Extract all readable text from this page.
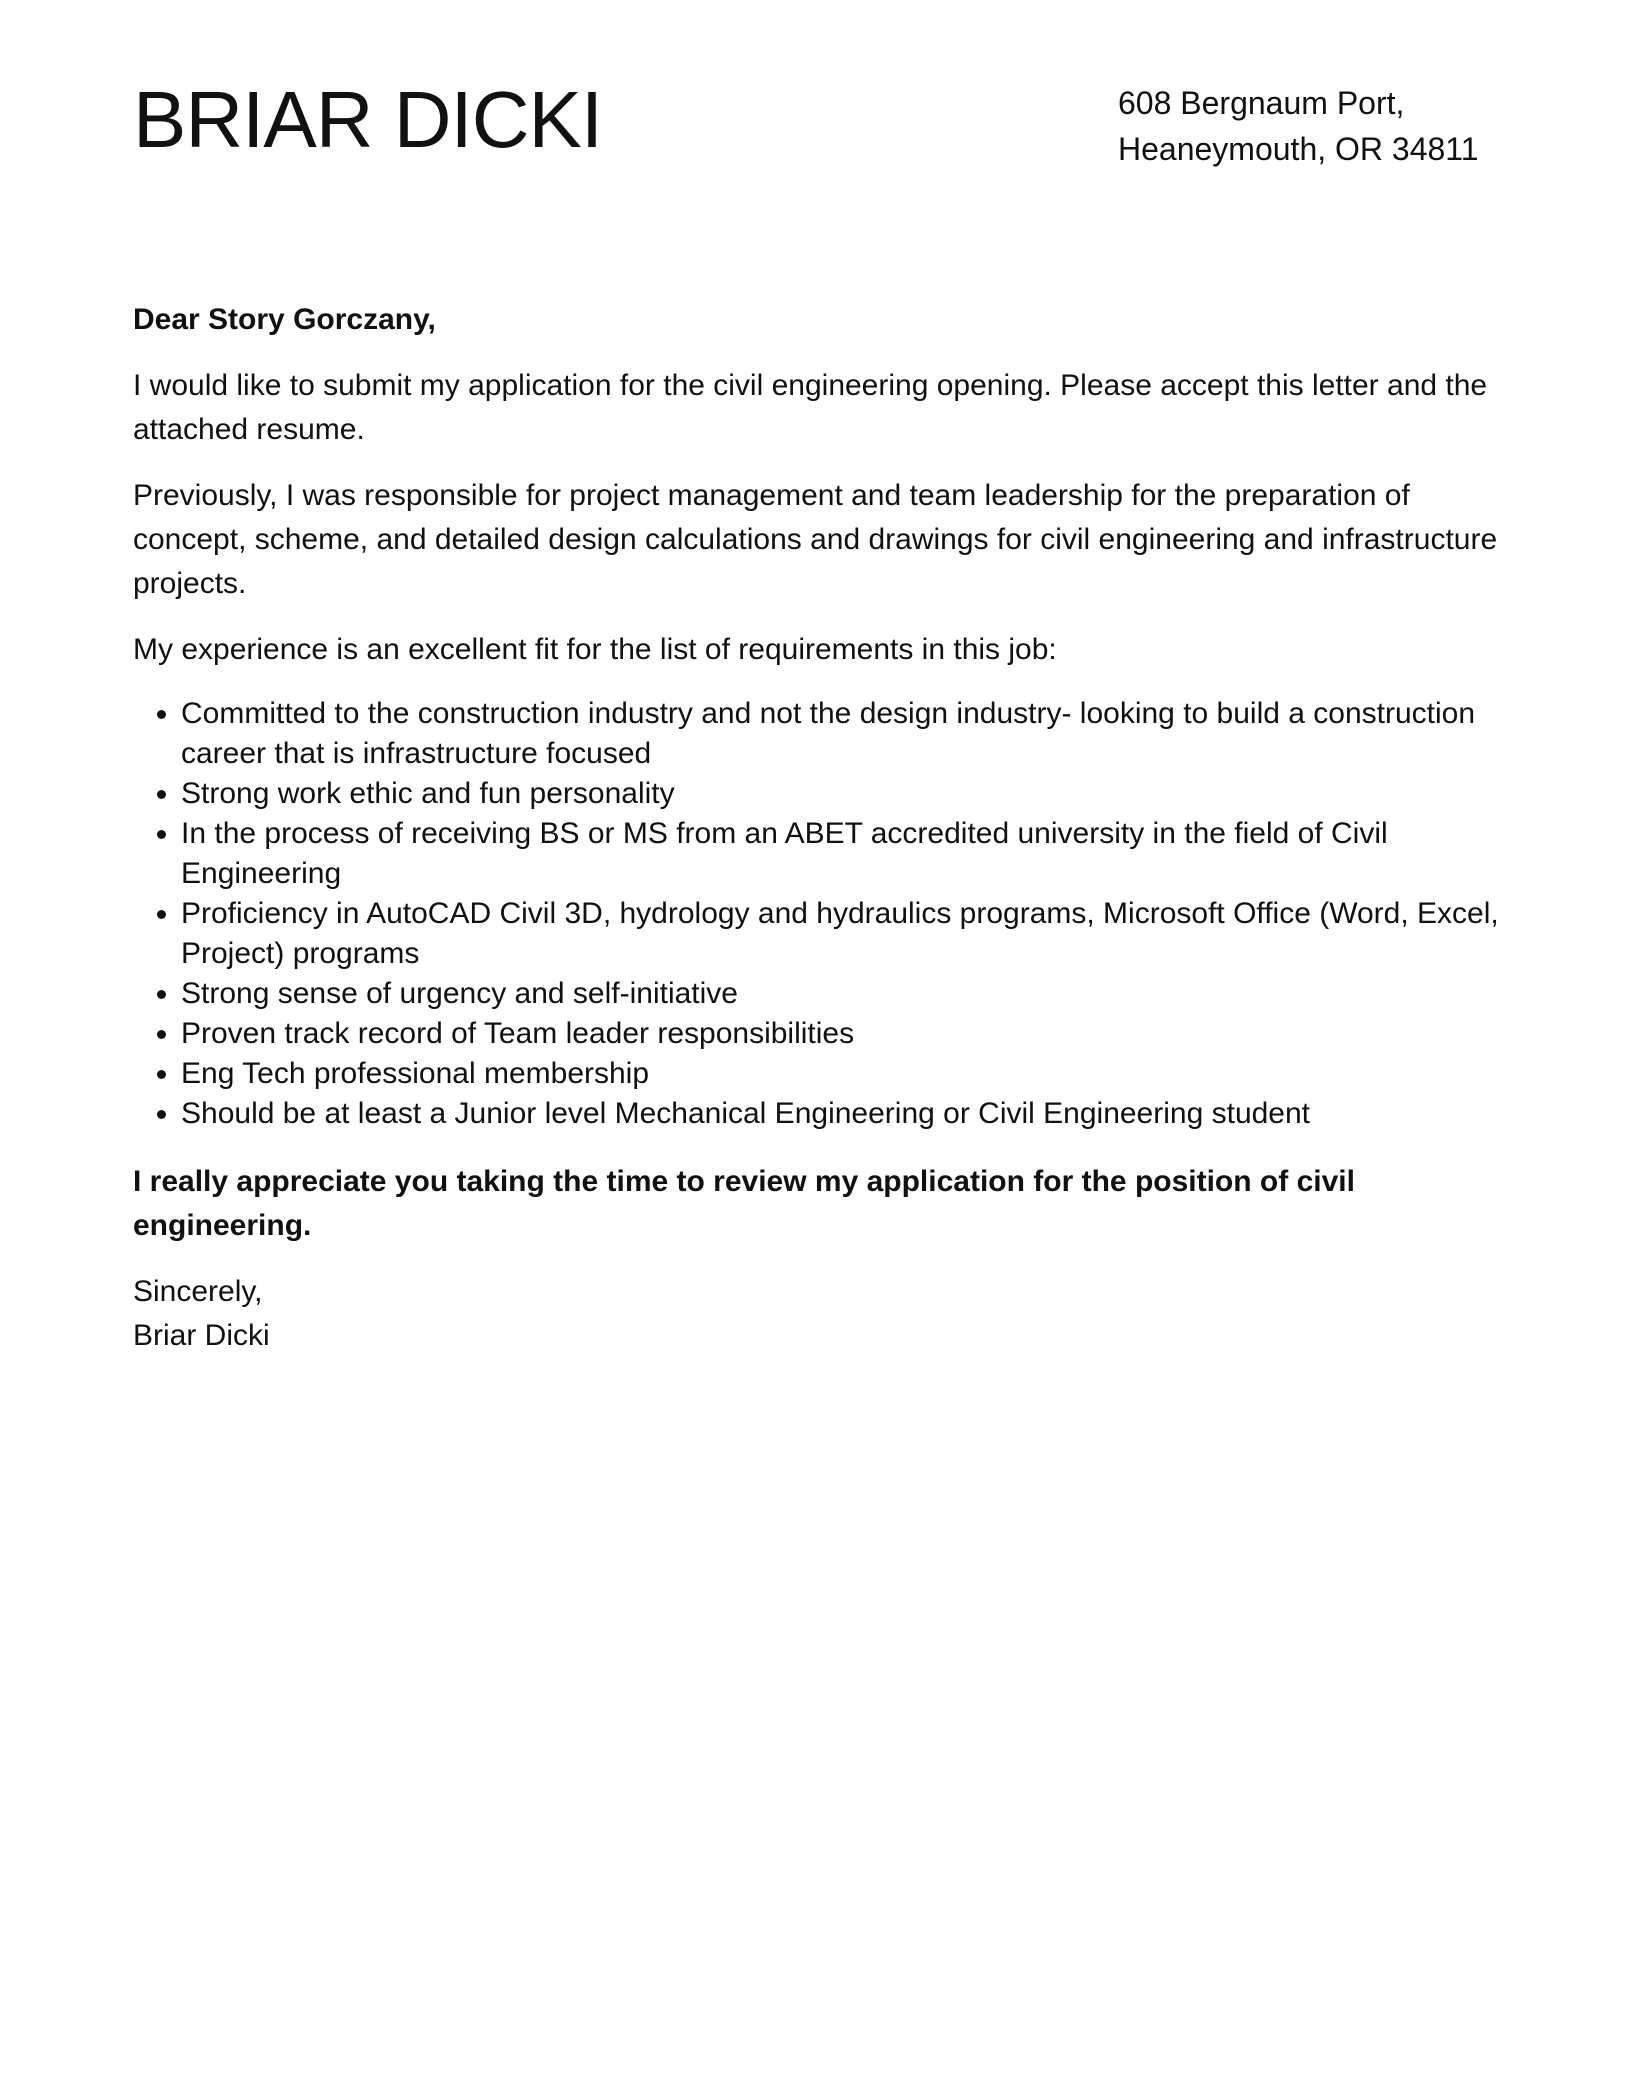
BRIAR DICKI	608 Bergnaum Port,
Heaneymouth, OR 34811

Dear Story Gorczany,

I would like to submit my application for the civil engineering opening. Please accept this letter and the attached resume.

Previously, I was responsible for project management and team leadership for the preparation of concept, scheme, and detailed design calculations and drawings for civil engineering and infrastructure projects.

My experience is an excellent fit for the list of requirements in this job:

• Committed to the construction industry and not the design industry- looking to build a construction career that is infrastructure focused
• Strong work ethic and fun personality
• In the process of receiving BS or MS from an ABET accredited university in the field of Civil Engineering
• Proficiency in AutoCAD Civil 3D, hydrology and hydraulics programs, Microsoft Office (Word, Excel, Project) programs
• Strong sense of urgency and self-initiative
• Proven track record of Team leader responsibilities
• Eng Tech professional membership
• Should be at least a Junior level Mechanical Engineering or Civil Engineering student

I really appreciate you taking the time to review my application for the position of civil engineering.

Sincerely,
Briar Dicki
